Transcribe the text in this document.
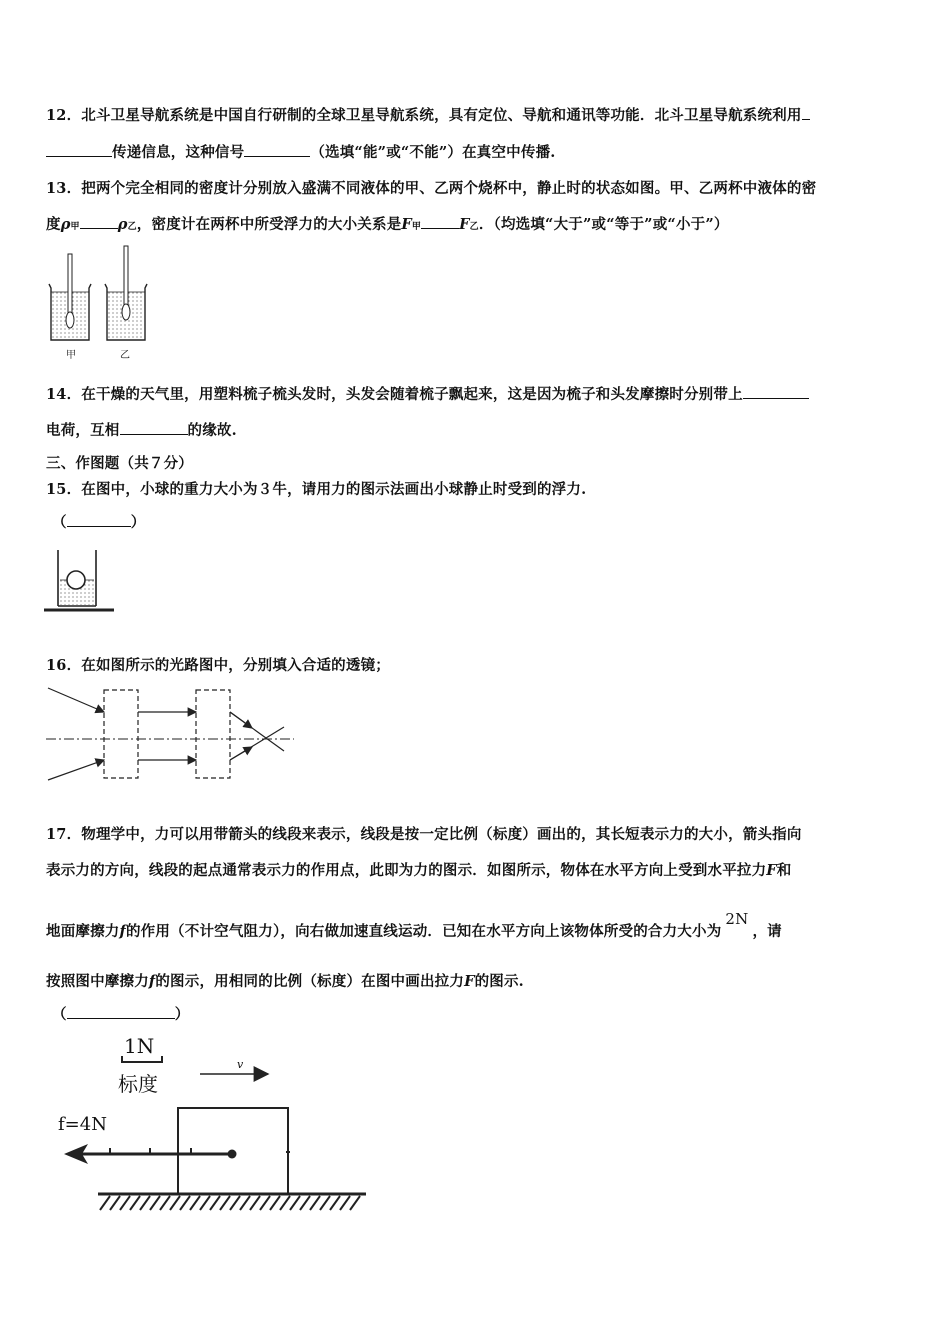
12．北斗卫星导航系统是中国自行研制的全球卫星导航系统，具有定位、导航和通讯等功能．北斗卫星导航系统利用
传递信息，这种信号	（选填“能”或“不能”）在真空中传播.
13．把两个完全相同的密度计分别放入盛满不同液体的甲、乙两个烧杯中，静止时的状态如图。甲、乙两杯中液体的密
度ρ甲	ρ乙，密度计在两杯中所受浮力的大小关系是F甲	F乙．（均选填“大于”或“等于”或“小于”）
甲	乙
14．在干燥的天气里，用塑料梳子梳头发时，头发会随着梳子飘起来，这是因为梳子和头发摩擦时分别带上
电荷，互相	的缘故.
三、作图题（共７分）
15．在图中，小球的重力大小为３牛，请用力的图示法画出小球静止时受到的浮力.
（	）
16．在如图所示的光路图中，分别填入合适的透镜；
17．物理学中，力可以用带箭头的线段来表示，线段是按一定比例（标度）画出的，其长短表示力的大小，箭头指向
表示力的方向，线段的起点通常表示力的作用点，此即为力的图示．如图所示，物体在水平方向上受到水平拉力F和
地面摩擦力f的作用（不计空气阻力），向右做加速直线运动．已知在水平方向上该物体所受的合力大小为2N，请
按照图中摩擦力f的图示，用相同的比例（标度）在图中画出拉力F的图示.
（	）
1N
标度
v
f=4N
